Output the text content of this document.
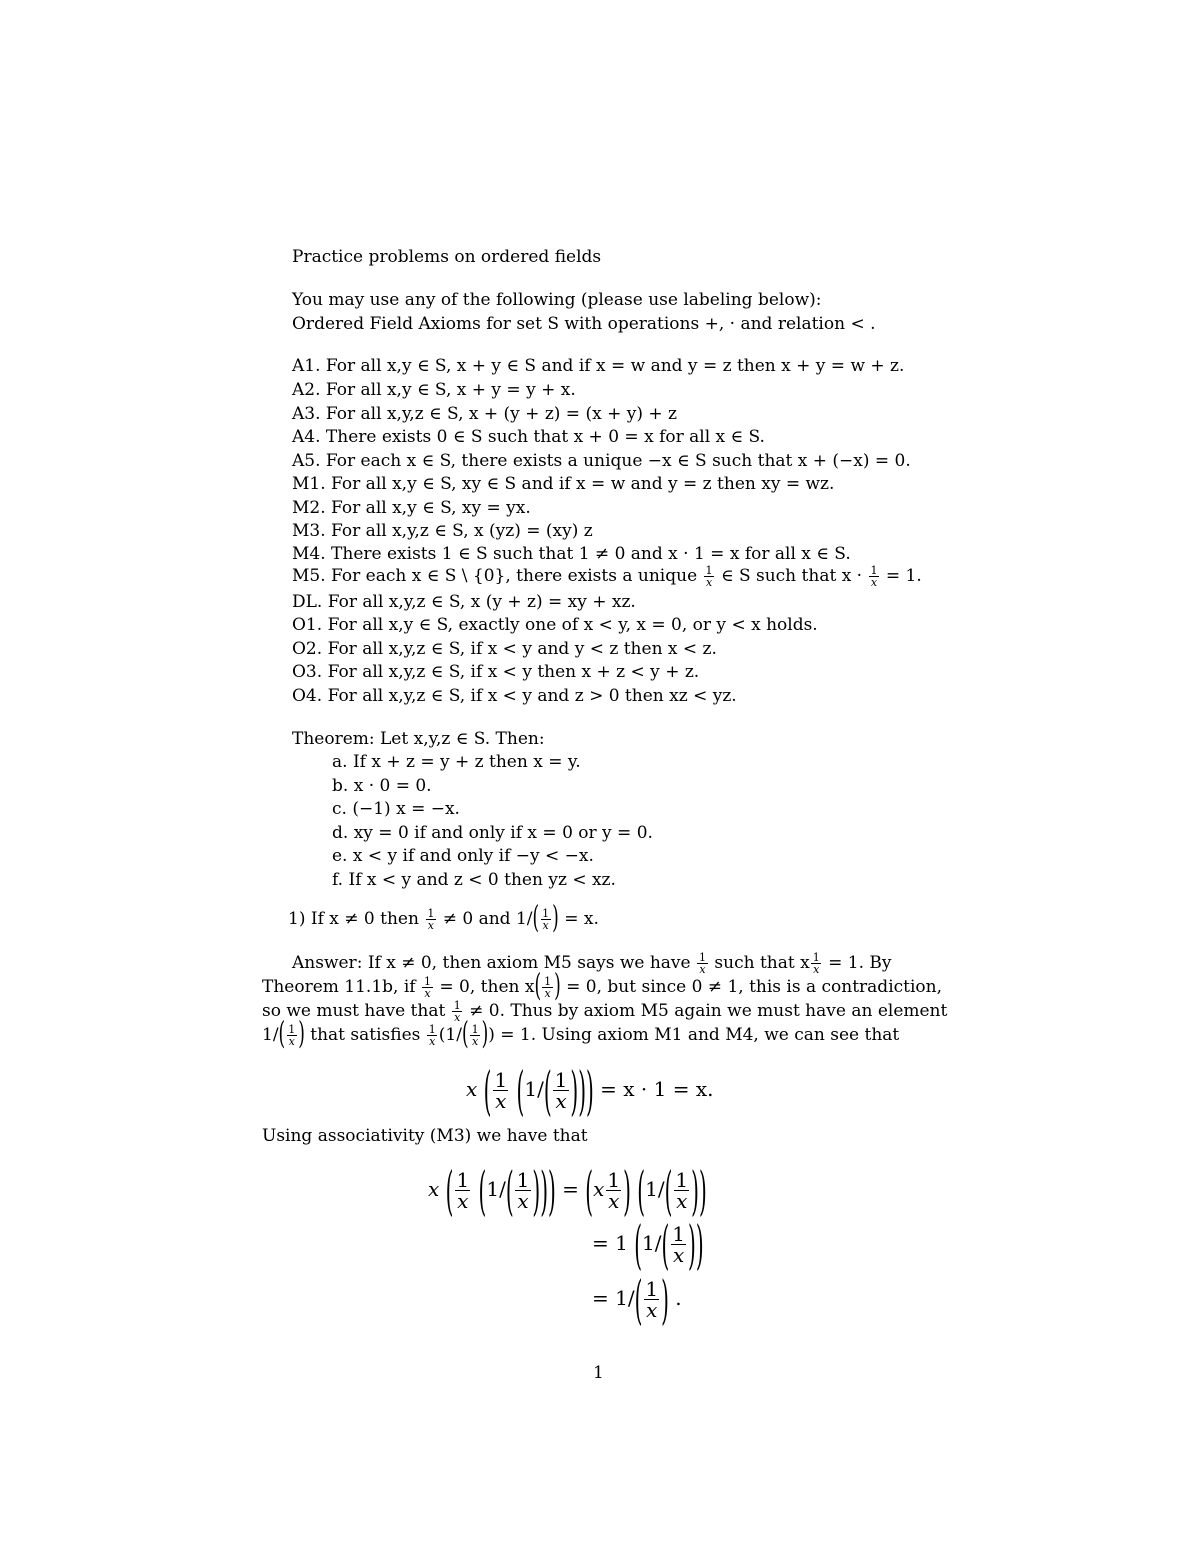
Practice problems on ordered fields
You may use any of the following (please use labeling below):
Ordered Field Axioms for set S with operations +, · and relation < .
A1. For all x,y ∈ S, x + y ∈ S and if x = w and y = z then x + y = w + z.
A2. For all x,y ∈ S, x + y = y + x.
A3. For all x,y,z ∈ S, x + (y + z) = (x + y) + z
A4. There exists 0 ∈ S such that x + 0 = x for all x ∈ S.
A5. For each x ∈ S, there exists a unique −x ∈ S such that x + (−x) = 0.
M1. For all x,y ∈ S, xy ∈ S and if x = w and y = z then xy = wz.
M2. For all x,y ∈ S, xy = yx.
M3. For all x,y,z ∈ S, x (yz) = (xy) z
M4. There exists 1 ∈ S such that 1 ≠ 0 and x · 1 = x for all x ∈ S.
M5. For each x ∈ S \ {0}, there exists a unique $\frac{1}{x}$ ∈ S such that $x \cdot \frac{1}{x} = 1$.
DL. For all x,y,z ∈ S, x (y + z) = xy + xz.
O1. For all x,y ∈ S, exactly one of x < y, x = 0, or y < x holds.
O2. For all x,y,z ∈ S, if x < y and y < z then x < z.
O3. For all x,y,z ∈ S, if x < y then x + z < y + z.
O4. For all x,y,z ∈ S, if x < y and z > 0 then xz < yz.
Theorem: Let x,y,z ∈ S. Then:
a. If x + z = y + z then x = y.
b. x · 0 = 0.
c. (−1) x = −x.
d. xy = 0 if and only if x = 0 or y = 0.
e. x < y if and only if −y < −x.
f. If x < y and z < 0 then yz < xz.
1) If x ≠ 0 then $\frac{1}{x} \ne 0$ and $1/( \frac{1}{x}$ ) = x.
Answer: If x ≠ 0, then axiom M5 says we have $\frac{1}{x}$ such that x $\frac{1}{x} = 1$. By
Theorem 11.1b, if $\frac{1}{x} = 0$, then $x( \frac{1}{x}$ ) = 0, but since 0 ≠ 1, this is a contradiction,
so we must have that $\frac{1}{x} \ne 0$. Thus by axiom M5 again we must have an element
$1/( \frac{1}{x}$ ) that satisfies $\frac{1}{x} (1/( \frac{1}{x}$ )) = 1. Using axiom M1 and M4, we can see that
x ( $\frac{1}{x} (1/( \frac{1}{x}$ ))) = x · 1 = x.
Using associativity (M3) we have that
x ( $\frac{1}{x} (1/( \frac{1}{x}$ ))) = ($x \frac{1}{x}$ ) ($1/( \frac{1}{x}$ ))
= 1 ($1/( \frac{1}{x}$ ))
= $1/( \frac{1}{x}$ ) .
1
